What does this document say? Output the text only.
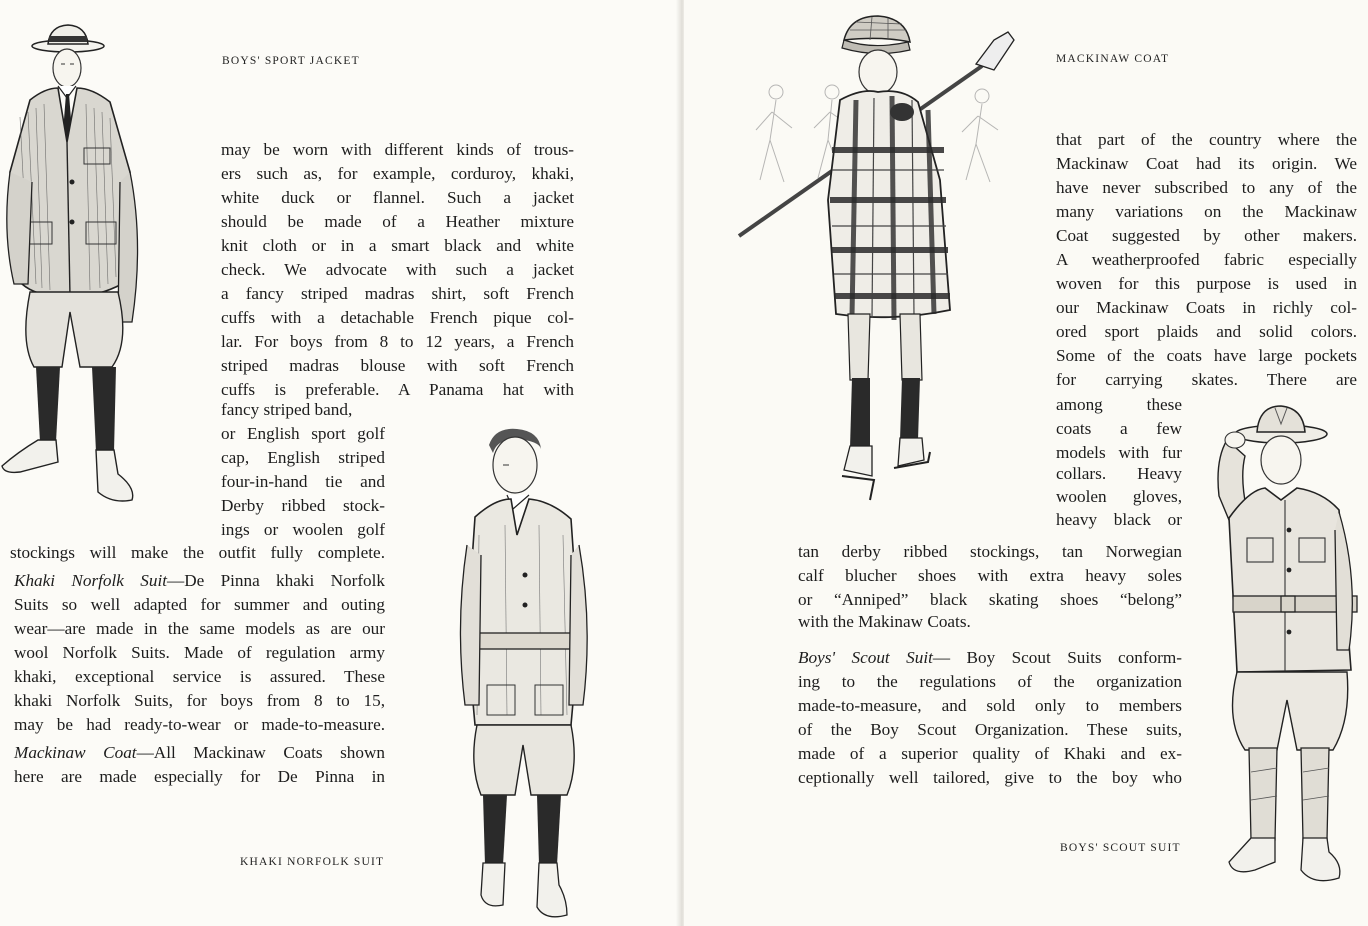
BOYS' SPORT JACKET
may be worn with different kinds of trous-
ers such as, for example, corduroy, khaki,
white duck or flannel. Such a jacket
should be made of a Heather mixture
knit cloth or in a smart black and white
check. We advocate with such a jacket
a fancy striped madras shirt, soft French
cuffs with a detachable French pique col-
lar. For boys from 8 to 12 years, a French
striped madras blouse with soft French
cuffs is preferable. A Panama hat with
fancy striped band,
or English sport golf
cap, English striped
four-in-hand tie and
Derby ribbed stock-
ings or woolen golf
stockings will make the outfit fully complete.
Khaki Norfolk Suit—De Pinna khaki Norfolk
Suits so well adapted for summer and outing
wear—are made in the same models as are our
wool Norfolk Suits. Made of regulation army
khaki, exceptional service is assured. These
khaki Norfolk Suits, for boys from 8 to 15,
may be had ready-to-wear or made-to-measure.
Mackinaw Coat—All Mackinaw Coats shown
here are made especially for De Pinna in
KHAKI NORFOLK SUIT
MACKINAW COAT
that part of the country where the
Mackinaw Coat had its origin. We
have never subscribed to any of the
many variations on the Mackinaw
Coat suggested by other makers.
A weatherproofed fabric especially
woven for this purpose is used in
our Mackinaw Coats in richly col-
ored sport plaids and solid colors.
Some of the coats have large pockets
for carrying skates. There are
among these
coats a few
models with fur
collars. Heavy
woolen gloves,
heavy black or
tan derby ribbed stockings, tan Norwegian
calf blucher shoes with extra heavy soles
or “Anniped” black skating shoes “belong”
with the Makinaw Coats.
Boys' Scout Suit— Boy Scout Suits conform-
ing to the regulations of the organization
made-to-measure, and sold only to members
of the Boy Scout Organization. These suits,
made of a superior quality of Khaki and ex-
ceptionally well tailored, give to the boy who
BOYS' SCOUT SUIT
